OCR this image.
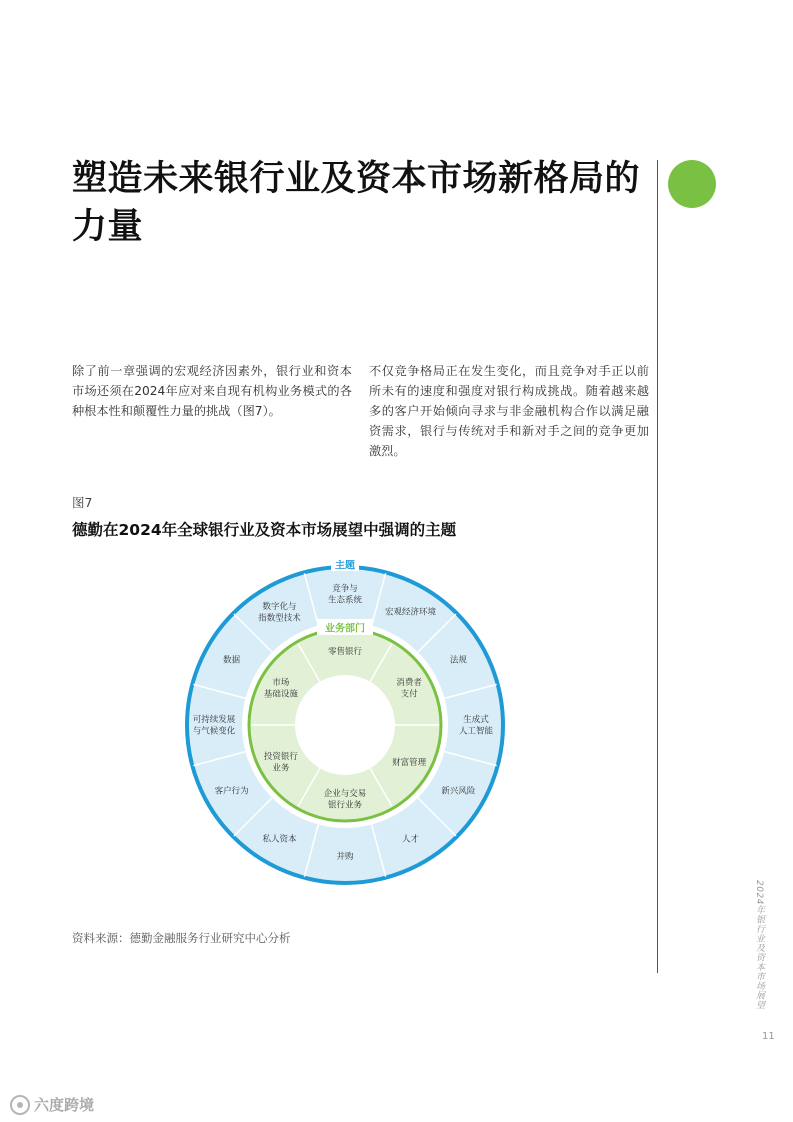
塑造未来银行业及资本市场新格局的力量

除了前一章强调的宏观经济因素外，银行业和资本市场还须在2024年应对来自现有机构业务模式的各种根本性和颠覆性力量的挑战（图7）。

不仅竞争格局正在发生变化，而且竞争对手正以前所未有的速度和强度对银行构成挑战。随着越来越多的客户开始倾向寻求与非金融机构合作以满足融资需求，银行与传统对手和新对手之间的竞争更加激烈。

图7
德勤在2024年全球银行业及资本市场展望中强调的主题
主题
业务部门
竞争与生态系统
宏观经济环境
法规
生成式人工智能
新兴风险
人才
并购
私人资本
客户行为
可持续发展与气候变化
数据
数字化与指数型技术
零售银行
消费者支付
财富管理
企业与交易银行业务
投资银行业务
市场基础设施
资料来源：德勤金融服务行业研究中心分析	2024年银行业及资本市场展望
11
六度跨境
